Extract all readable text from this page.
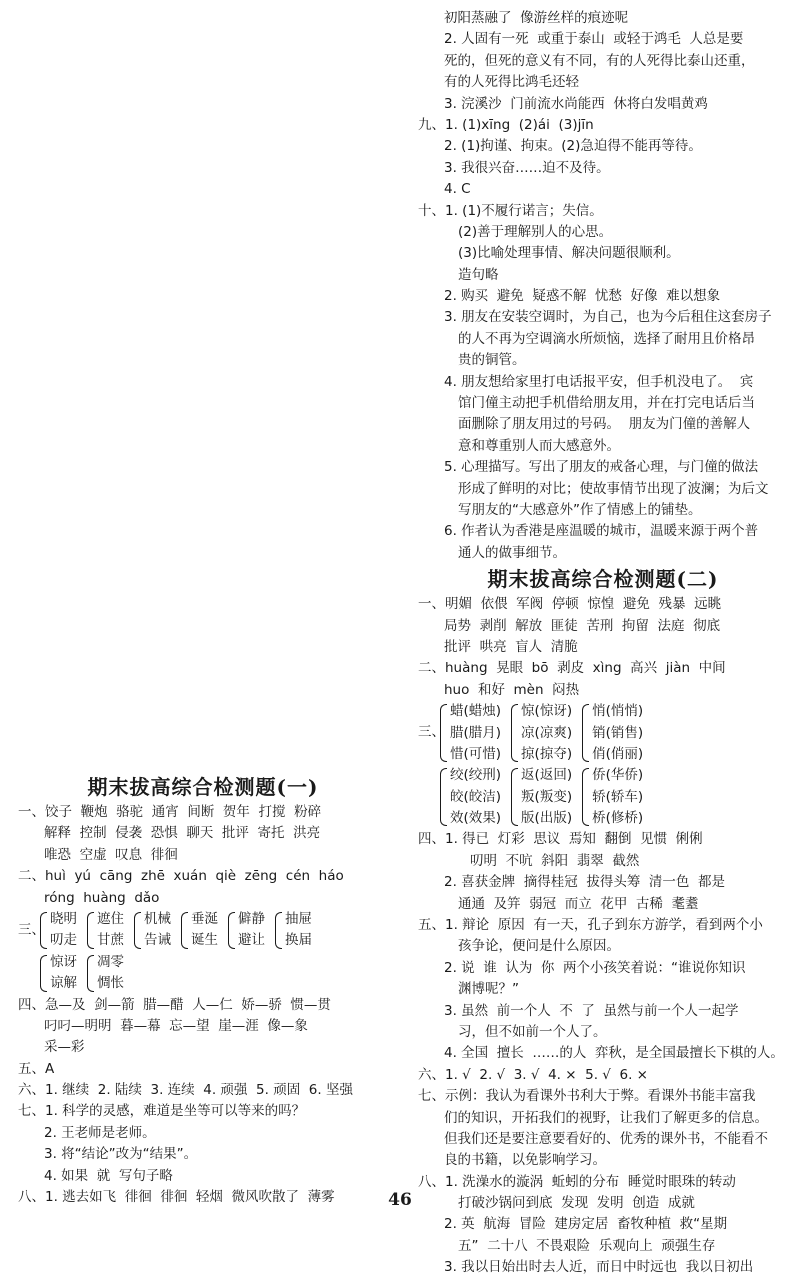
期末拔高综合检测题(一)
一、饺子  鞭炮  骆驼  通宵  间断  贺年  打搅  粉碎
解释  控制  侵袭  恐惧  聊天  批评  寄托  洪亮
唯恐  空虚  叹息  徘徊
二、huì  yú  cāng  zhē  xuán  qiè  zēng  cén  háo
róng  huàng  dǎo
三、
晓明
叨走
遮住
甘蔗
机械
告诫
垂涎
诞生
僻静
避让
抽屉
换届
惊讶
谅解
凋零
惆怅
四、急—及  剑—箭  腊—醋  人—仁  娇—骄  惯—贯
叼叼—明明  暮—幕  忘—望  崖—涯  像—象
采—彩
五、A
六、1. 继续  2. 陆续  3. 连续  4. 顽强  5. 顽固  6. 坚强
七、1. 科学的灵感，难道是坐等可以等来的吗？
2. 王老师是老师。
3. 将“结论”改为“结果”。
4. 如果  就  写句子略
八、1. 逃去如飞  徘徊  徘徊  轻烟  微风吹散了  薄雾
初阳蒸融了  像游丝样的痕迹呢
2. 人固有一死  或重于泰山  或轻于鸿毛  人总是要
死的，但死的意义有不同，有的人死得比泰山还重，
有的人死得比鸿毛还轻
3. 浣溪沙  门前流水尚能西  休将白发唱黄鸡
九、1. (1)xīng  (2)ái  (3)jīn
2. (1)拘谨、拘束。(2)急迫得不能再等待。
3. 我很兴奋……迫不及待。
4. C
十、1. (1)不履行诺言；失信。
(2)善于理解别人的心思。
(3)比喻处理事情、解决问题很顺利。
造句略
2. 购买  避免  疑惑不解  忧愁  好像  难以想象
3. 朋友在安装空调时，为自己，也为今后租住这套房子
的人不再为空调滴水所烦恼，选择了耐用且价格昂
贵的铜管。
4. 朋友想给家里打电话报平安，但手机没电了。  宾
馆门僮主动把手机借给朋友用，并在打完电话后当
面删除了朋友用过的号码。  朋友为门僮的善解人
意和尊重别人而大感意外。
5. 心理描写。写出了朋友的戒备心理，与门僮的做法
形成了鲜明的对比；使故事情节出现了波澜；为后文
写朋友的“大感意外”作了情感上的铺垫。
6. 作者认为香港是座温暖的城市，温暖来源于两个普
通人的做事细节。
期末拔高综合检测题(二)
一、明媚  依偎  军阀  停顿  惊惶  避免  残暴  远眺
局势  剥削  解放  匪徒  苦刑  拘留  法庭  彻底
批评  哄亮  盲人  清脆
二、huàng  晃眼  bō  剥皮  xìng  高兴  jiàn  中间
huo  和好  mèn  闷热
三、
蜡(蜡烛)
腊(腊月)
惜(可惜)
惊(惊讶)
凉(凉爽)
掠(掠夺)
悄(悄悄)
销(销售)
俏(俏丽)
绞(绞刑)
皎(皎洁)
效(效果)
返(返回)
叛(叛变)
版(出版)
侨(华侨)
轿(轿车)
桥(修桥)
四、1. 得已  灯彩  思议  焉知  翻倒  见惯  俐俐
叨明  不吭  斜阳  翡翠  截然
2. 喜获金牌  摘得桂冠  拔得头筹  清一色  都是
通通  及笄  弱冠  而立  花甲  古稀  耄耋
五、1. 辩论  原因  有一天，孔子到东方游学，看到两个小
孩争论，便问是什么原因。
2. 说  谁  认为  你  两个小孩笑着说：“谁说你知识
渊博呢？”
3. 虽然  前一个人  不  了  虽然与前一个人一起学
习，但不如前一个人了。
4. 全国  擅长  ……的人  弈秋，是全国最擅长下棋的人。
六、1. √  2. √  3. √  4. ×  5. √  6. ×
七、示例：我认为看课外书利大于弊。看课外书能丰富我
们的知识，开拓我们的视野，让我们了解更多的信息。
但我们还是要注意要看好的、优秀的课外书，不能看不
良的书籍，以免影响学习。
八、1. 洗澡水的漩涡  蚯蚓的分布  睡觉时眼珠的转动
打破沙锅问到底  发现  发明  创造  成就
2. 英  航海  冒险  建房定居  畜牧种植  救“星期
五”  二十八  不畏艰险  乐观向上  顽强生存
3. 我以日始出时去人近，而日中时远也  我以日初出
46
